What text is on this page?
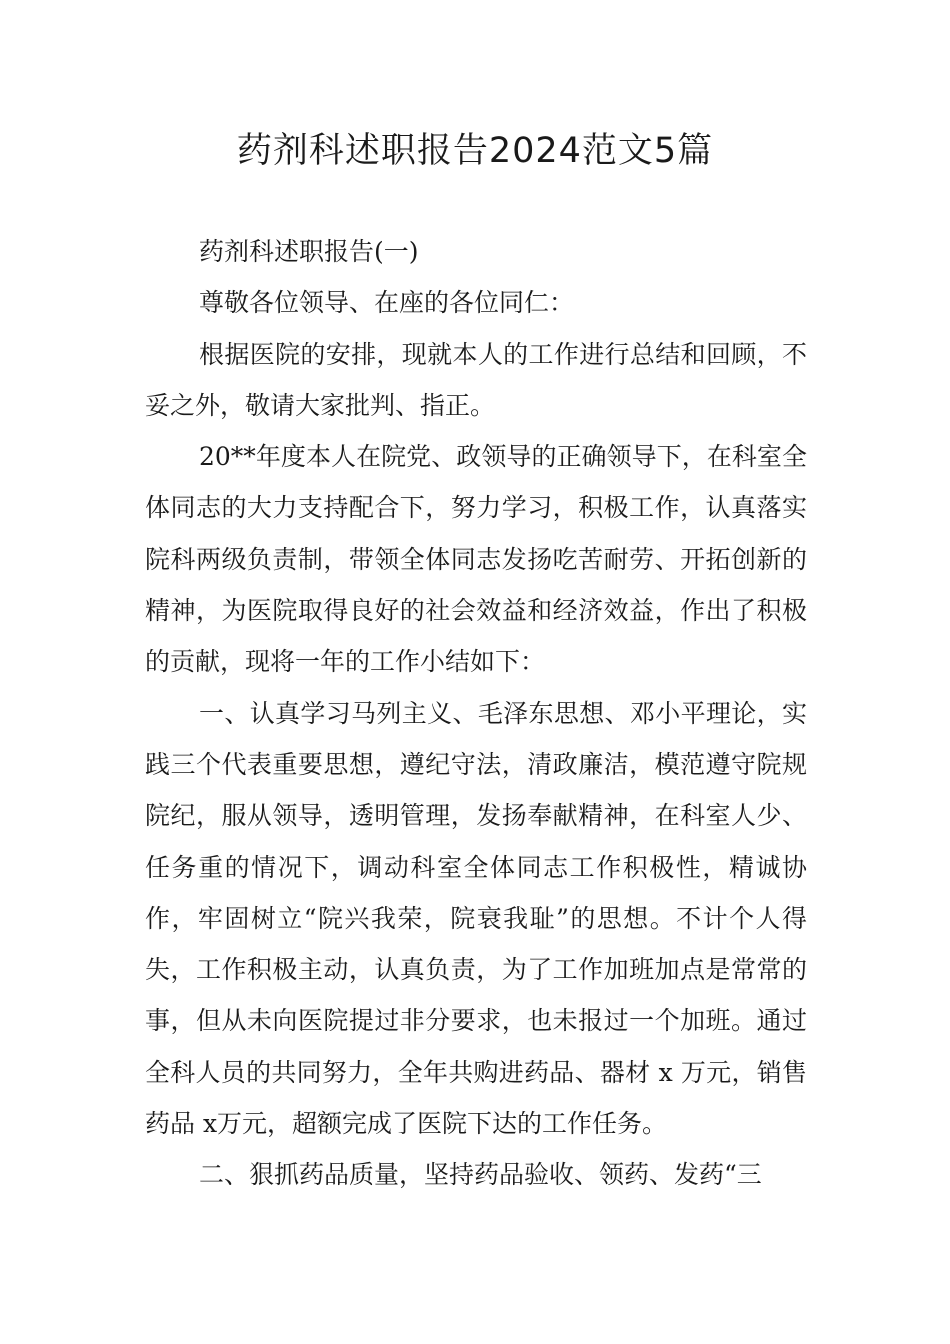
药剂科述职报告2024范文5篇

药剂科述职报告(一)

尊敬各位领导、在座的各位同仁：

根据医院的安排，现就本人的工作进行总结和回顾，不妥之外，敬请大家批判、指正。

20**年度本人在院党、政领导的正确领导下，在科室全体同志的大力支持配合下，努力学习，积极工作，认真落实院科两级负责制，带领全体同志发扬吃苦耐劳、开拓创新的精神，为医院取得良好的社会效益和经济效益，作出了积极的贡献，现将一年的工作小结如下：

一、认真学习马列主义、毛泽东思想、邓小平理论，实践三个代表重要思想，遵纪守法，清政廉洁，模范遵守院规院纪，服从领导，透明管理，发扬奉献精神，在科室人少、任务重的情况下，调动科室全体同志工作积极性，精诚协作，牢固树立“院兴我荣，院衰我耻”的思想。不计个人得失，工作积极主动，认真负责，为了工作加班加点是常常的事，但从未向医院提过非分要求，也未报过一个加班。通过全科人员的共同努力，全年共购进药品、器材 x 万元，销售药品 x万元，超额完成了医院下达的工作任务。

二、狠抓药品质量，坚持药品验收、领药、发药“三
